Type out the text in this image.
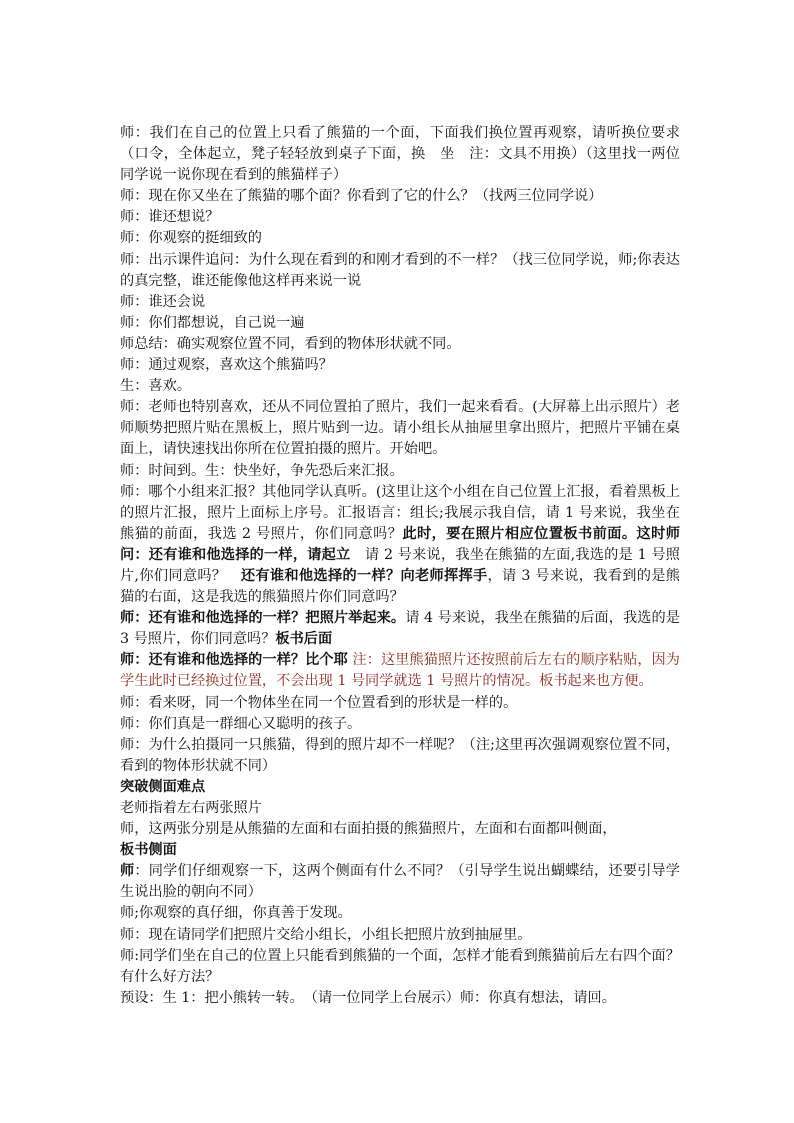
师：我们在自己的位置上只看了熊猫的一个面，下面我们换位置再观察，请听换位要求（口令，全体起立，凳子轻轻放到桌子下面，换　坐　注：文具不用换）（这里找一两位同学说一说你现在看到的熊猫样子）

师：现在你又坐在了熊猫的哪个面？你看到了它的什么？（找两三位同学说）

师：谁还想说？

师：你观察的挺细致的

师：出示课件追问：为什么现在看到的和刚才看到的不一样？（找三位同学说，师;你表达的真完整，谁还能像他这样再来说一说

师：谁还会说

师：你们都想说，自己说一遍

师总结：确实观察位置不同，看到的物体形状就不同。

师：通过观察，喜欢这个熊猫吗？

生：喜欢。

师：老师也特别喜欢，还从不同位置拍了照片，我们一起来看看。(大屏幕上出示照片）老师顺势把照片贴在黑板上，照片贴到一边。请小组长从抽屉里拿出照片，把照片平铺在桌面上，请快速找出你所在位置拍摄的照片。开始吧。

师：时间到。生：快坐好，争先恐后来汇报。

师：哪个小组来汇报？其他同学认真听。(这里让这个小组在自己位置上汇报，看着黑板上的照片汇报，照片上面标上序号。汇报语言：组长;我展示我自信，请 1 号来说，我坐在熊猫的前面，我选 2 号照片，你们同意吗？此时，要在照片相应位置板书前面。这时师问：还有谁和他选择的一样，请起立　请 2 号来说，我坐在熊猫的左面,我选的是 1 号照片,你们同意吗？　还有谁和他选择的一样？向老师挥挥手，请 3 号来说，我看到的是熊猫的右面，这是我选的熊猫照片你们同意吗？

师：还有谁和他选择的一样？把照片举起来。请 4 号来说，我坐在熊猫的后面，我选的是 3 号照片，你们同意吗？板书后面

师：还有谁和他选择的一样？比个耶 注：这里熊猫照片还按照前后左右的顺序粘贴，因为学生此时已经换过位置，不会出现 1 号同学就选 1 号照片的情况。板书起来也方便。

师：看来呀，同一个物体坐在同一个位置看到的形状是一样的。

师：你们真是一群细心又聪明的孩子。

师：为什么拍摄同一只熊猫，得到的照片却不一样呢？（注;这里再次强调观察位置不同，看到的物体形状就不同）

突破侧面难点

老师指着左右两张照片

师，这两张分别是从熊猫的左面和右面拍摄的熊猫照片，左面和右面都叫侧面，

板书侧面

师：同学们仔细观察一下，这两个侧面有什么不同？（引导学生说出蝴蝶结，还要引导学生说出脸的朝向不同）

师;你观察的真仔细，你真善于发现。

师：现在请同学们把照片交给小组长，小组长把照片放到抽屉里。

师:同学们坐在自己的位置上只能看到熊猫的一个面，怎样才能看到熊猫前后左右四个面？有什么好方法？

预设：生 1：把小熊转一转。　（请一位同学上台展示）师：你真有想法，请回。
